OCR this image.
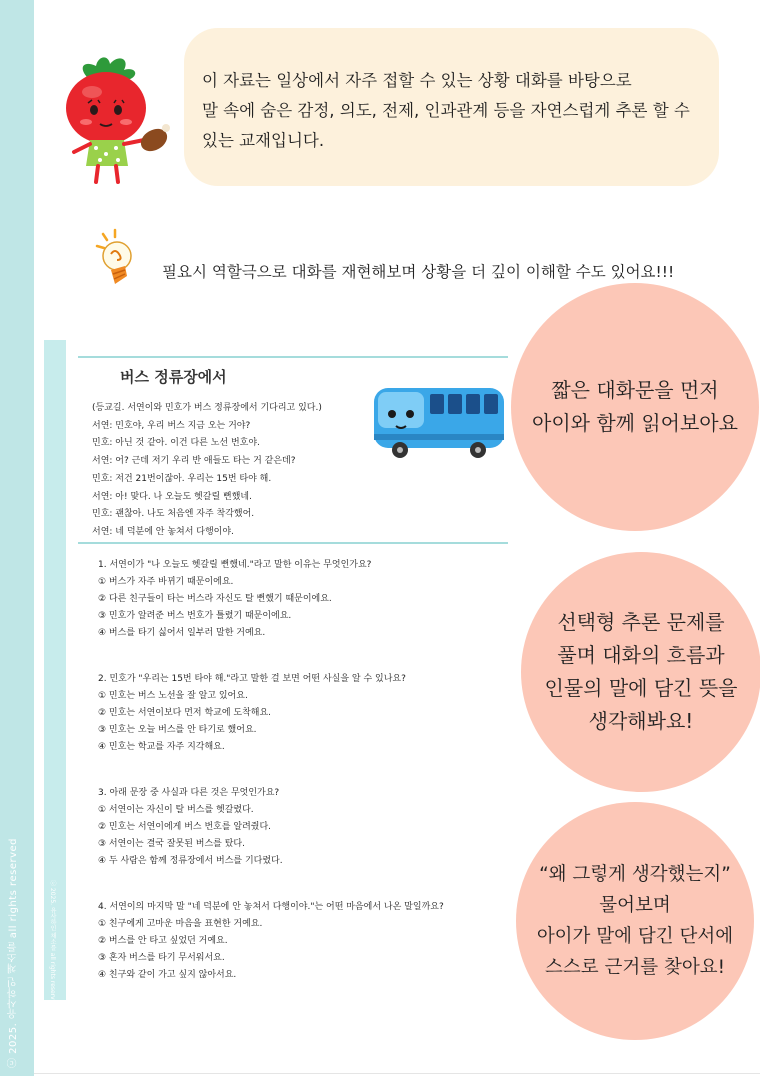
ⓒ 2025. 유사하인 채소를 all rights reserved
이 자료는 일상에서 자주 접할 수 있는 상황 대화를 바탕으로
말 속에 숨은 감정, 의도, 전제, 인과관계 등을 자연스럽게 추론 할 수
있는 교재입니다.
필요시 역할극으로 대화를 재현해보며 상황을 더 깊이 이해할 수도 있어요!!!
ⓒ 2025. 유사하인 채소를 all rights reserved
버스 정류장에서
(등교길. 서연이와 민호가 버스 정류장에서 기다리고 있다.)
서연: 민호야, 우리 버스 지금 오는 거야?
민호: 아닌 것 같아. 이건 다른 노선 번호야.
서연: 어? 근데 저기 우리 반 애들도 타는 거 같은데?
민호: 저건 21번이잖아. 우리는 15번 타야 해.
서연: 아! 맞다. 나 오늘도 헷갈릴 뻔했네.
민호: 괜찮아. 나도 처음엔 자주 착각했어.
서연: 네 덕분에 안 놓쳐서 다행이야.
1. 서연이가 "나 오늘도 헷갈릴 뻔했네."라고 말한 이유는 무엇인가요?
① 버스가 자주 바뀌기 때문이에요.
② 다른 친구들이 타는 버스라 자신도 탈 뻔했기 때문이에요.
③ 민호가 알려준 버스 번호가 틀렸기 때문이에요.
④ 버스를 타기 싫어서 일부러 말한 거예요.
2. 민호가 "우리는 15번 타야 해."라고 말한 걸 보면 어떤 사실을 알 수 있나요?
① 민호는 버스 노선을 잘 알고 있어요.
② 민호는 서연이보다 먼저 학교에 도착해요.
③ 민호는 오늘 버스를 안 타기로 했어요.
④ 민호는 학교를 자주 지각해요.
3. 아래 문장 중 사실과 다른 것은 무엇인가요?
① 서연이는 자신이 탈 버스를 헷갈렸다.
② 민호는 서연이에게 버스 번호를 알려줬다.
③ 서연이는 결국 잘못된 버스를 탔다.
④ 두 사람은 함께 정류장에서 버스를 기다렸다.
4. 서연이의 마지막 말 "네 덕분에 안 놓쳐서 다행이야."는 어떤 마음에서 나온 말일까요?
① 친구에게 고마운 마음을 표현한 거예요.
② 버스를 안 타고 싶었던 거예요.
③ 혼자 버스를 타기 무서워서요.
④ 친구와 같이 가고 싶지 않아서요.
짧은 대화문을 먼저
아이와 함께 읽어보아요
선택형 추론 문제를
풀며 대화의 흐름과
인물의 말에 담긴 뜻을
생각해봐요!
“왜 그렇게 생각했는지”
물어보며
아이가 말에 담긴 단서에
스스로 근거를 찾아요!
